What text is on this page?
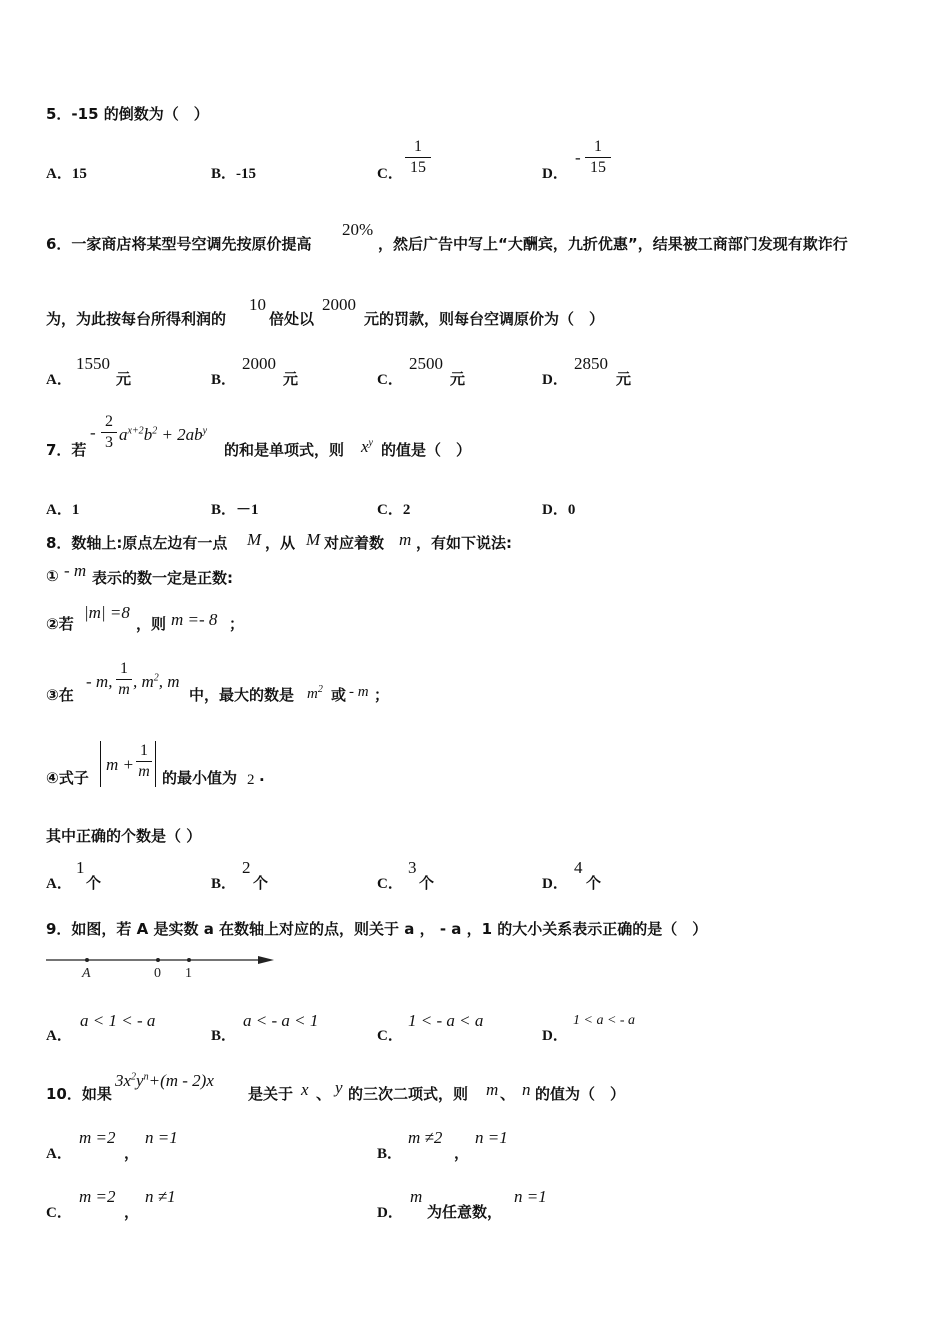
5．-15 的倒数为（　）
A．15	B．-15	C．
1
15	D．
-
1
15
6．一家商店将某型号空调先按原价提高
20%
，然后广告中写上“大酬宾，九折优惠”，结果被工商部门发现有欺诈行
为，为此按每台所得利润的
10
倍处以
2000
元的罚款，则每台空调原价为（　）
A．
1550
元	B．
2000
元	C．
2500
元	D．
2850
元
7．若
-
2
3 $a^{x+2}b^2 + 2ab^y$
的和是单项式，则 $x^y$ 的值是（　）
A．1	B．－1	C．2	D．0
8．数轴上:原点左边有一点 M ，从 M 对应着数 m ，有如下说法:
① - m 表示的数一定是正数:
②若
|m| =8
，则 m =- 8 ；
③在
- m,
1
m , $m^2$, m
中，最大的数是 $m^2$ 或 - m ；
④式子
m +
1
m 的最小值为 2 .
其中正确的个数是（ ）
A．
1
个	B．
2
个	C．
3
个	D．
4
个
9．如图，若 A 是实数 a 在数轴上对应的点，则关于 a ， - a ，1 的大小关系表示正确的是（　）
A	0 1
A．
a < 1 < - a
B．
a < - a < 1
C．
1 < - a < a
D．
1 < a < - a
10．如果
$3x^2y^n+(m - 2)x$
是关于 x 、 y 的三次二项式，则 m 、 n 的值为（　）
A．
m =2
，
n =1
B．
m ≠2
，
n =1
C．
m =2
，
n ≠1
D．
m
为任意数，
n =1
